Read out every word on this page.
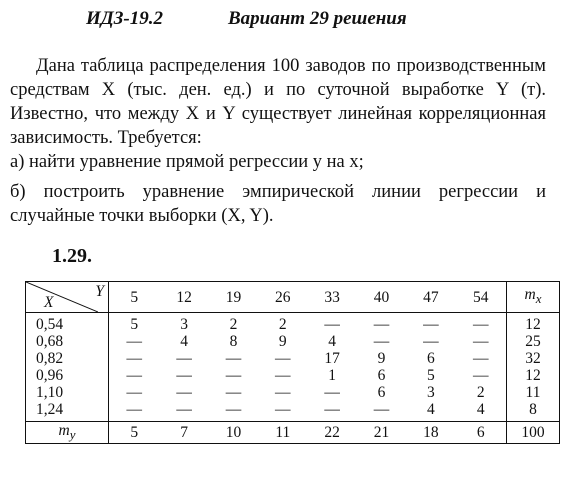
ИДЗ-19.2	Вариант 29 решения
Дана таблица распределения 100 заводов по производственным средствам X (тыс. ден. ед.) и по суточной выработке Y (т). Известно, что между X и Y существует линейная корреляционная зависимость. Требуется:
а) найти уравнение прямой регрессии y на x;
б) построить уравнение эмпирической линии регрессии и случайные точки выборки (X, Y).
1.29.
Y
X	5	12	19	26	33	40	47	54	$m_x$
0,54	5	3	2	2	—	—	—	—	12
0,68	—	4	8	9	4	—	—	—	25
0,82	—	—	—	—	17	9	6	—	32
0,96	—	—	—	—	1	6	5	—	12
1,10	—	—	—	—	—	6	3	2	11
1,24	—	—	—	—	—	—	4	4	8
$m_y$	5	7	10	11	22	21	18	6	100
